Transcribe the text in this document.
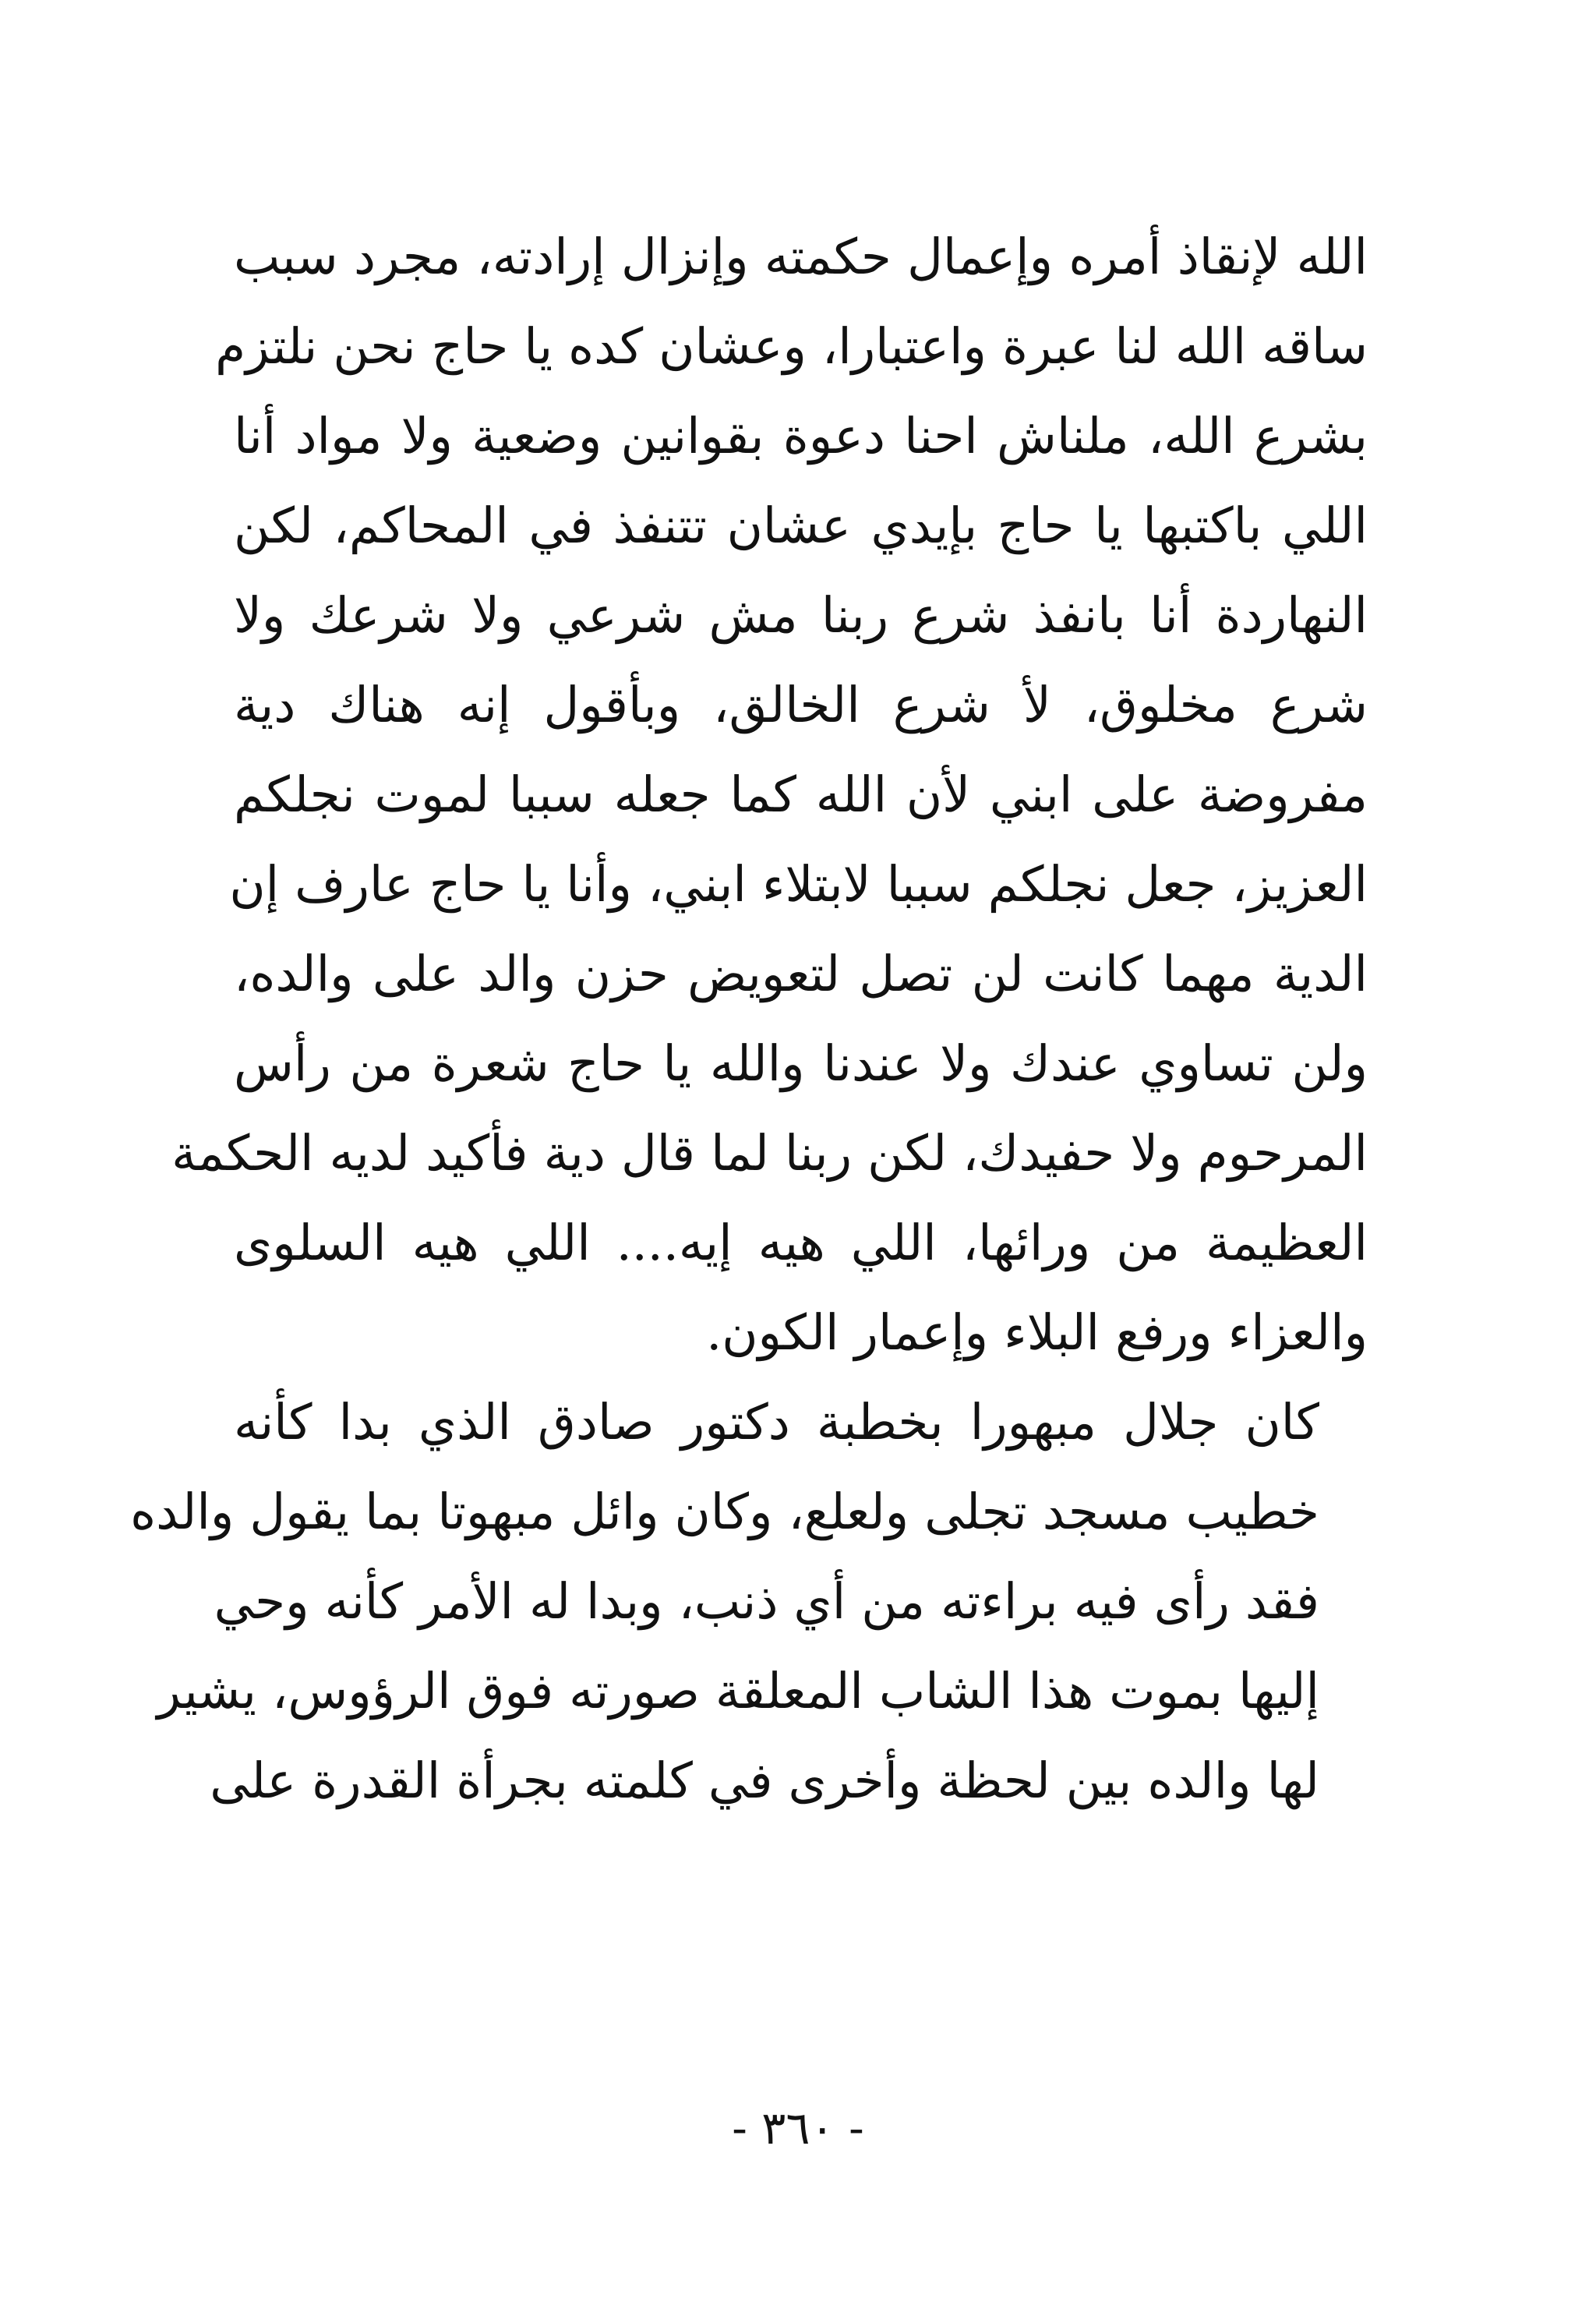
الله لإنقاذ أمره وإعمال حكمته وإنزال إرادته، مجرد سبب
ساقه الله لنا عبرة واعتبارا، وعشان كده يا حاج نحن نلتزم
بشرع الله، ملناش احنا دعوة بقوانين وضعية ولا مواد أنا
اللي باكتبها يا حاج بإيدي عشان تتنفذ في المحاكم، لكن
النهاردة أنا بانفذ شرع ربنا مش شرعي ولا شرعك ولا
شرع مخلوق، لأ شرع الخالق، وبأقول إنه هناك دية
مفروضة على ابني لأن الله كما جعله سببا لموت نجلكم
العزيز، جعل نجلكم سببا لابتلاء ابني، وأنا يا حاج عارف إن
الدية مهما كانت لن تصل لتعويض حزن والد على والده،
ولن تساوي عندك ولا عندنا والله يا حاج شعرة من رأس
المرحوم ولا حفيدك، لكن ربنا لما قال دية فأكيد لديه الحكمة
العظيمة من ورائها، اللي هيه إيه.... اللي هيه السلوى
والعزاء ورفع البلاء وإعمار الكون.

كان جلال مبهورا بخطبة دكتور صادق الذي بدا كأنه
خطيب مسجد تجلى ولعلع، وكان وائل مبهوتا بما يقول والده
فقد رأى فيه براءته من أي ذنب، وبدا له الأمر كأنه وحي
إليها بموت هذا الشاب المعلقة صورته فوق الرؤوس، يشير
لها والده بين لحظة وأخرى في كلمته بجرأة القدرة على

- ٣٦٠ -
